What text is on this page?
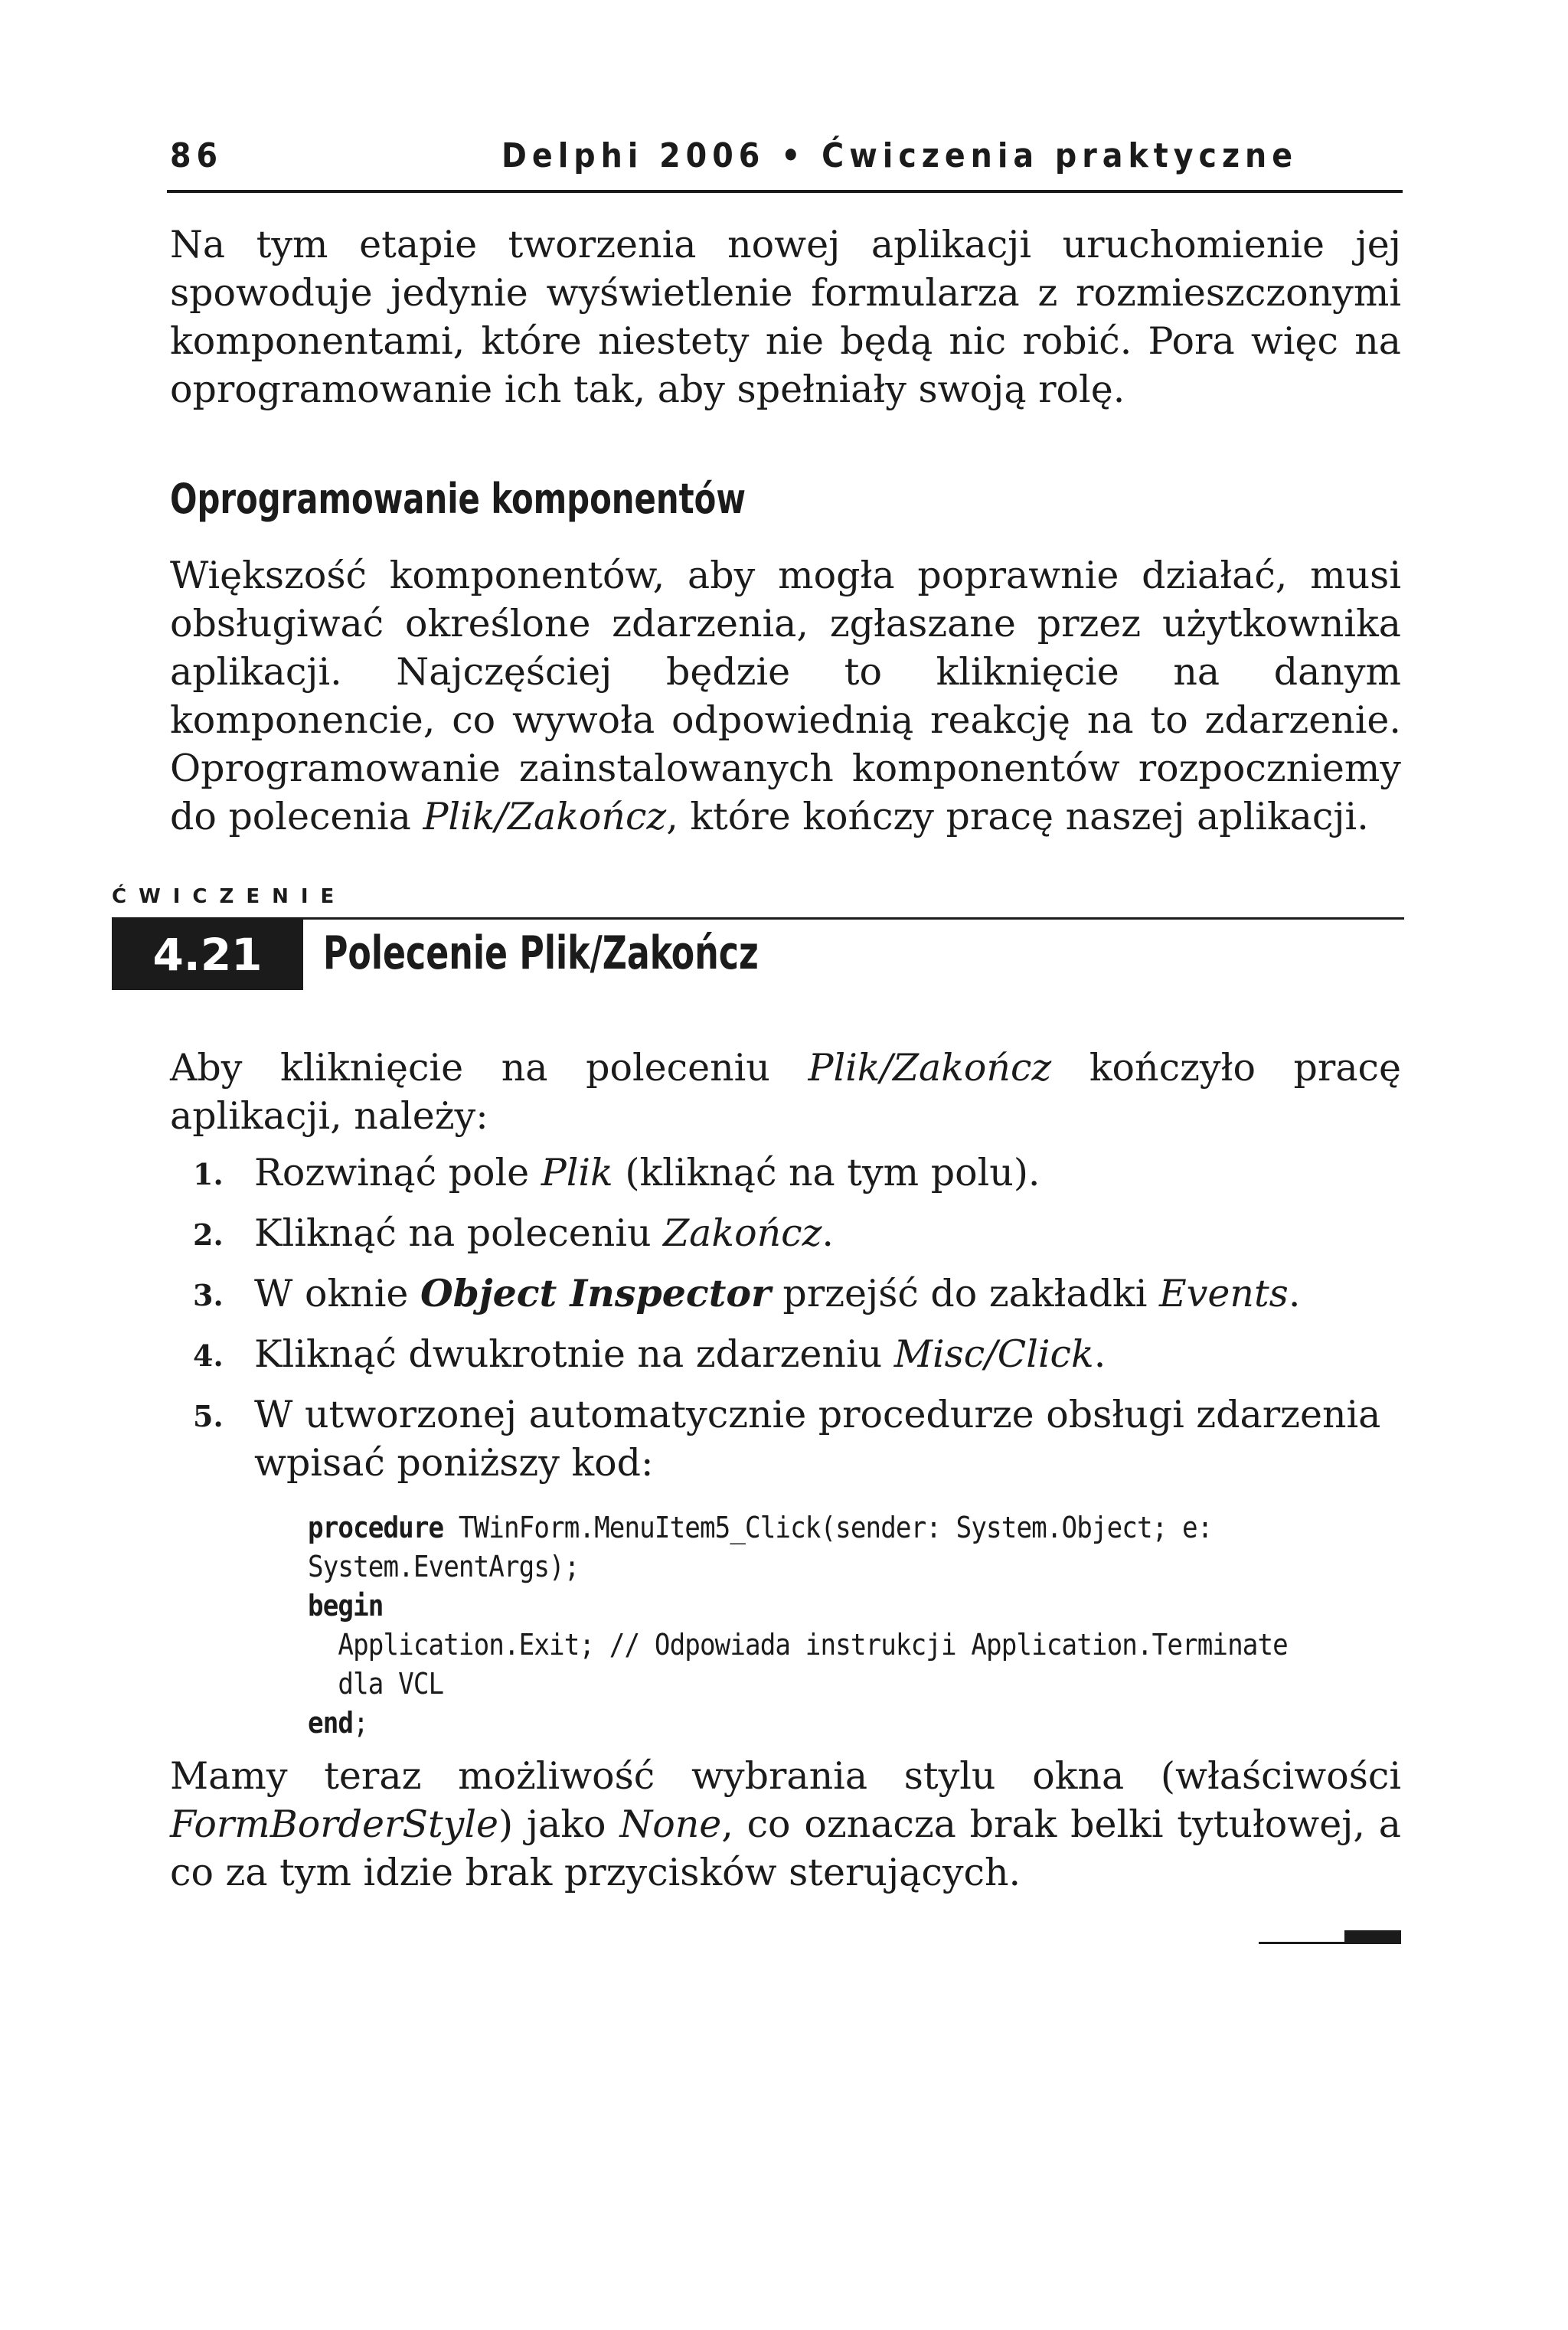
86	Delphi 2006 • Ćwiczenia praktyczne

Na tym etapie tworzenia nowej aplikacji uruchomienie jej spowoduje jedynie wyświetlenie formularza z rozmieszczonymi komponentami, które niestety nie będą nic robić. Pora więc na oprogramowanie ich tak, aby spełniały swoją rolę.

Oprogramowanie komponentów

Większość komponentów, aby mogła poprawnie działać, musi obsługiwać określone zdarzenia, zgłaszane przez użytkownika aplikacji. Najczęściej będzie to kliknięcie na danym komponencie, co wywoła odpowiednią reakcję na to zdarzenie. Oprogramowanie zainstalowanych komponentów rozpoczniemy do polecenia Plik/Zakończ, które kończy pracę naszej aplikacji.

ĆWICZENIE
4.21 Polecenie Plik/Zakończ

Aby kliknięcie na poleceniu Plik/Zakończ kończyło pracę aplikacji, należy:

1. Rozwinąć pole Plik (kliknąć na tym polu).
2. Kliknąć na poleceniu Zakończ.
3. W oknie Object Inspector przejść do zakładki Events.
4. Kliknąć dwukrotnie na zdarzeniu Misc/Click.
5. W utworzonej automatycznie procedurze obsługi zdarzenia wpisać poniższy kod:
procedure TWinForm.MenuItem5_Click(sender: System.Object; e:
System.EventArgs);
begin
Application.Exit; // Odpowiada instrukcji Application.Terminate
dla VCL
end;

Mamy teraz możliwość wybrania stylu okna (właściwości FormBorderStyle) jako None, co oznacza brak belki tytułowej, a co za tym idzie brak przycisków sterujących.
